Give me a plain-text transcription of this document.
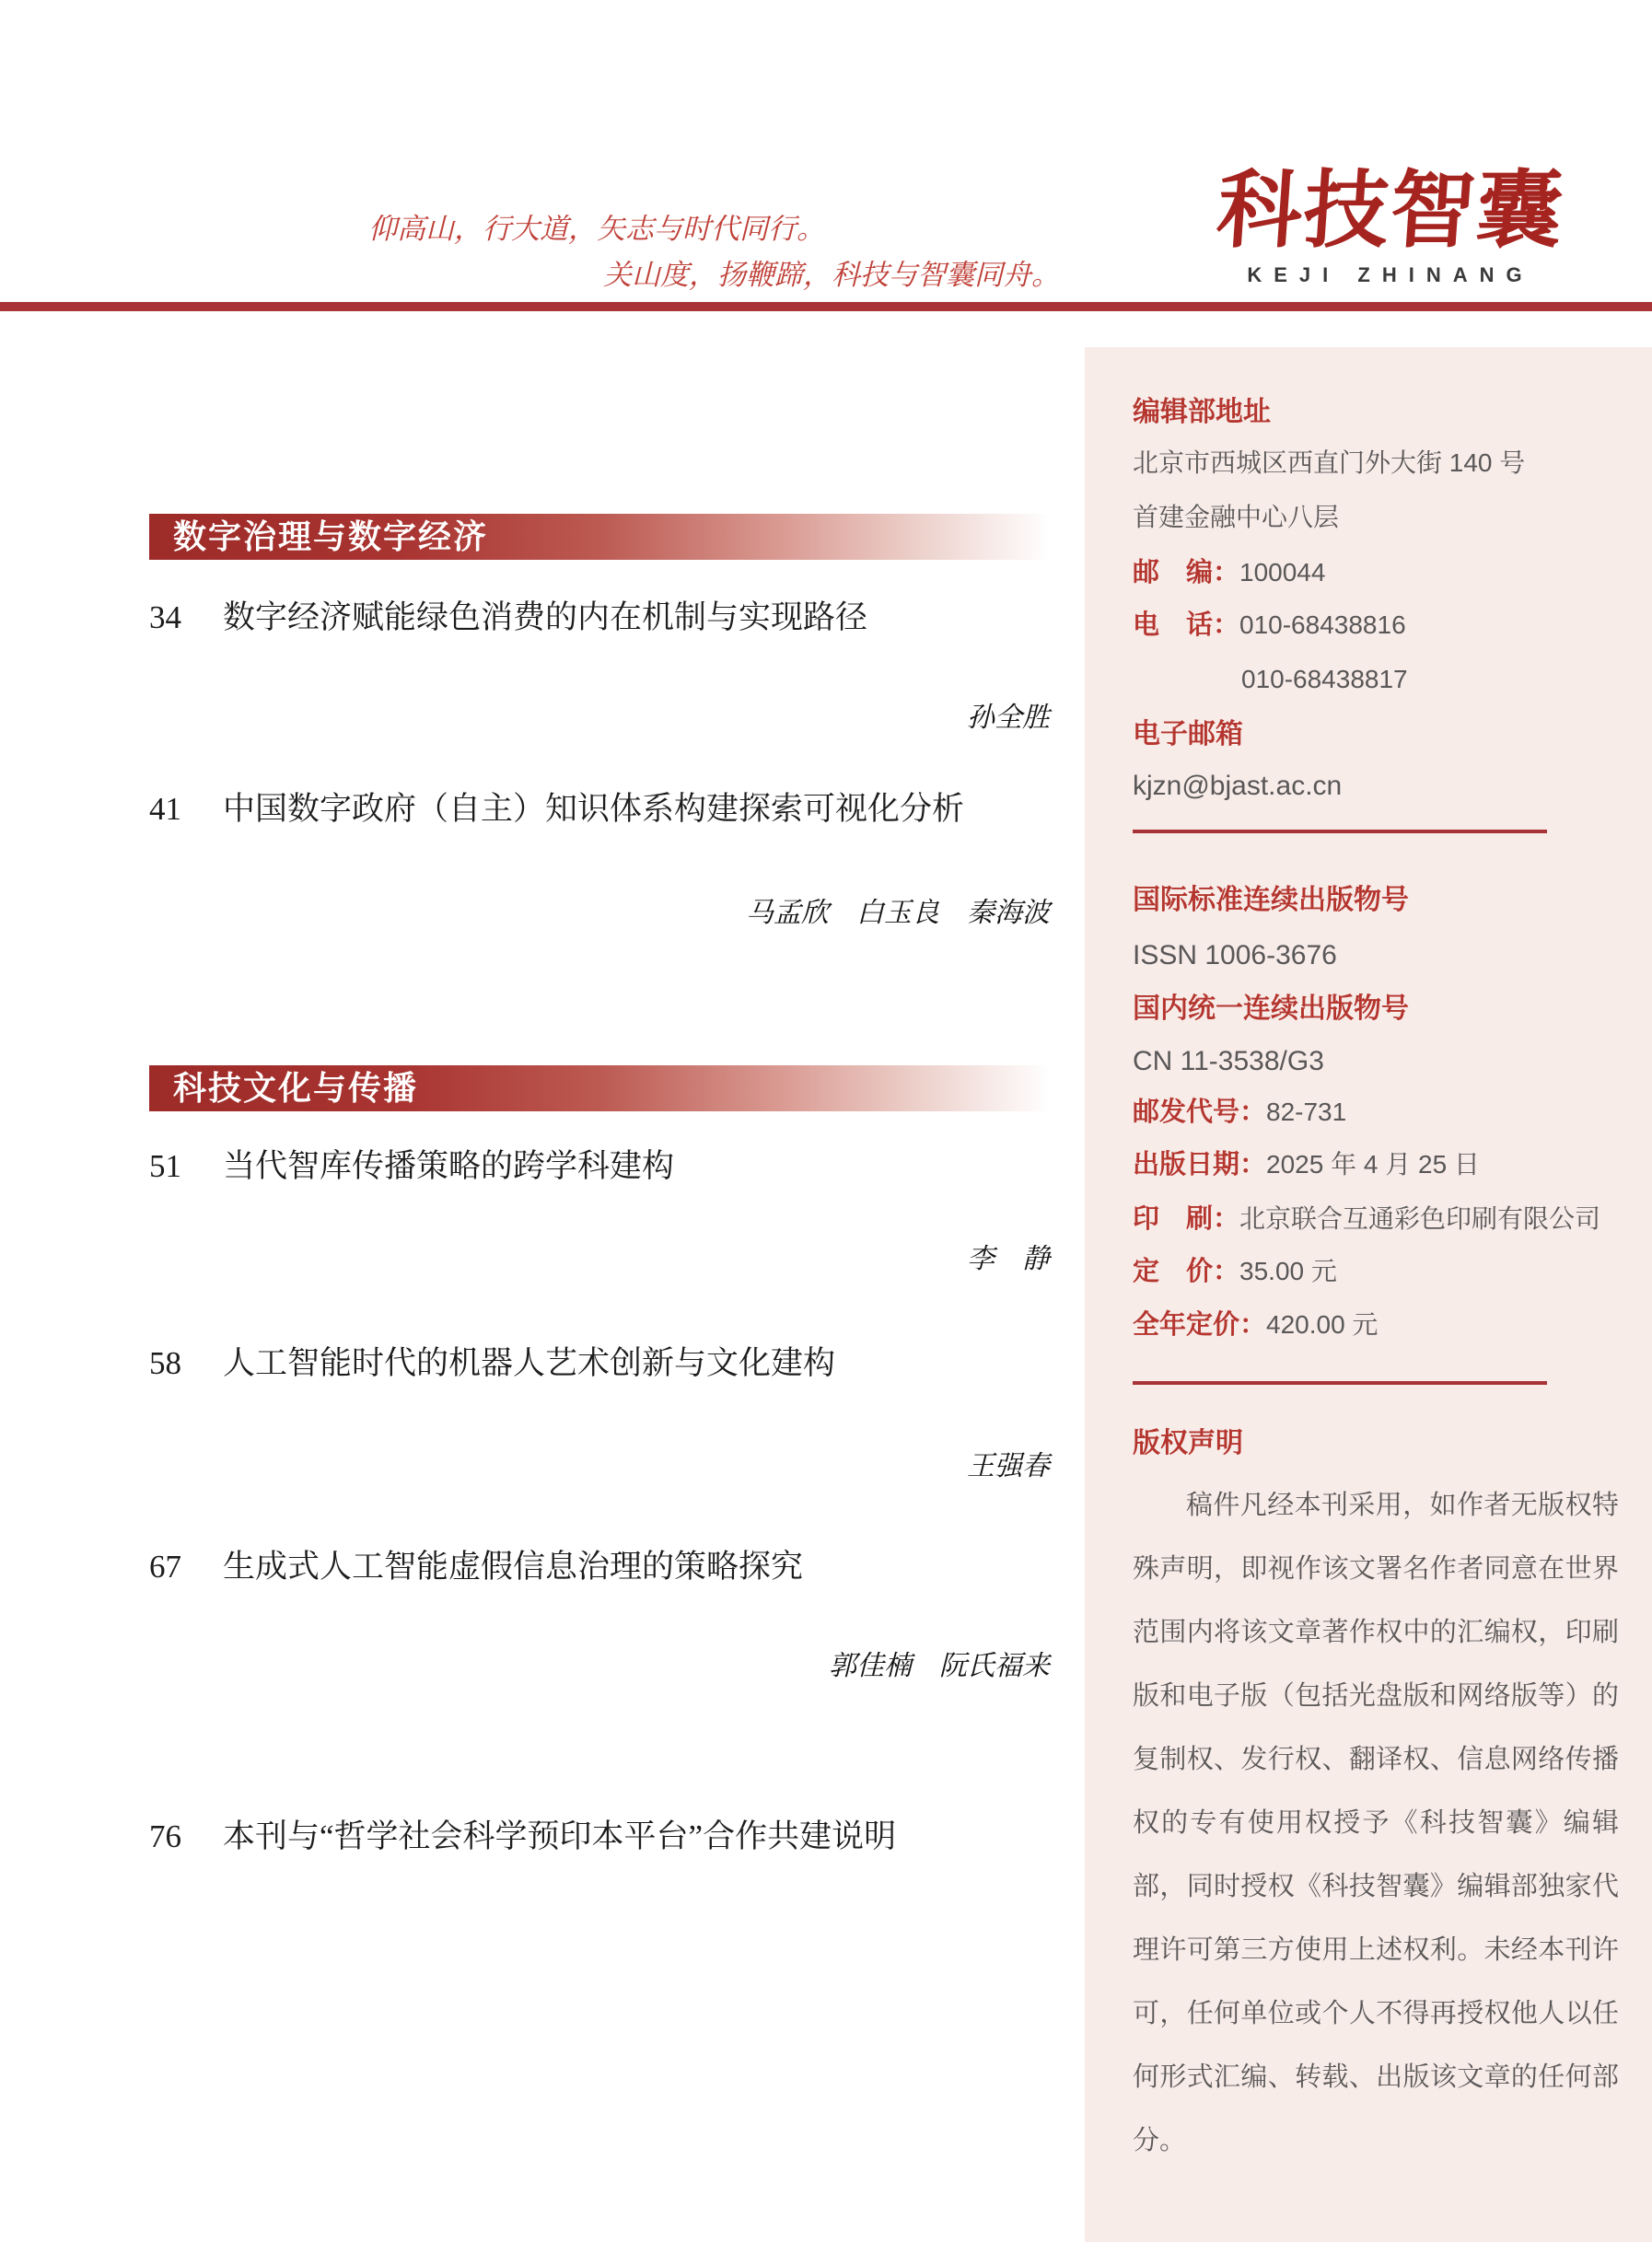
仰高山，行大道，矢志与时代同行。
关山度，扬鞭蹄，科技与智囊同舟。
科技智囊
KEJI ZHINANG
数字治理与数字经济
34	数字经济赋能绿色消费的内在机制与实现路径
孙全胜
41	中国数字政府（自主）知识体系构建探索可视化分析
马孟欣　白玉良　秦海波
科技文化与传播
51	当代智库传播策略的跨学科建构
李　静
58	人工智能时代的机器人艺术创新与文化建构
王强春
67	生成式人工智能虚假信息治理的策略探究
郭佳楠　阮氏福来
76	本刊与“哲学社会科学预印本平台”合作共建说明
编辑部地址
北京市西城区西直门外大街 140 号
首建金融中心八层
邮　编：100044
电　话：010-68438816
010-68438817
电子邮箱
kjzn@bjast.ac.cn
国际标准连续出版物号
ISSN 1006-3676
国内统一连续出版物号
CN 11-3538/G3
邮发代号：82-731
出版日期：2025 年 4 月 25 日
印　刷：北京联合互通彩色印刷有限公司
定　价：35.00 元
全年定价：420.00 元
版权声明
稿件凡经本刊采用，如作者无版权特殊声明，即视作该文署名作者同意在世界范围内将该文章著作权中的汇编权，印刷版和电子版（包括光盘版和网络版等）的复制权、发行权、翻译权、信息网络传播权的专有使用权授予《科技智囊》编辑部，同时授权《科技智囊》编辑部独家代理许可第三方使用上述权利。未经本刊许可，任何单位或个人不得再授权他人以任何形式汇编、转载、出版该文章的任何部分。
